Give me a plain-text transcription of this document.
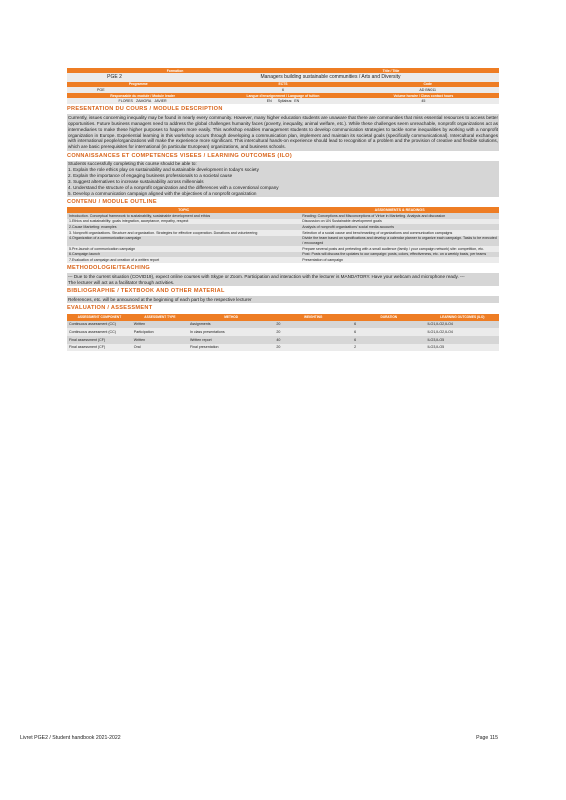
Formation	Title / Title
PGE 2	Managers building sustainable communities / Arts and Diversity
Programme	ECTS	Code
PGE	6	AD BN011
Responsable du module / Module leader	Langue d'enseignement / Language of tuition	Volume horaire / Class contact hours
FLORES ZAMORA JAVIER	EN Syllabus: EN	45
PRESENTATION DU COURS / MODULE DESCRIPTION
Currently, issues concerning inequality may be found in nearly every community. However, many higher education students are unaware that there are communities that miss essential resources to access better opportunities. Future business managers need to address the global challenges humanity faces (poverty, inequality, animal welfare, etc.). While these challenges seem unreachable, nonprofit organizations act as intermediaries to make these higher purposes to happen more easily. This workshop enables management students to develop communication strategies to tackle some inequalities by working with a nonprofit organization in Europe. Experiential learning in this workshop occurs through developing a communication plan, implement and maintain its societal goals (specifically communicational). Intercultural exchanges with international people/organizations will make the experience more significant. This intercultural hands-on experience should lead to recognition of a problem and the provision of creative and flexible solutions, which are basic prerequisites for international (in particular European) organizations, and business schools.
CONNAISSANCES ET COMPETENCES VISEES / LEARNING OUTCOMES (ILO)
Students successfully completing this course should be able to:
1. Explain the role ethics play on sustainability and sustainable development in today's society
2. Explain the importance of engaging business professionals to a societal cause
3. Suggest alternatives to increase sustainability across millennials
4. Understand the structure of a nonprofit organization and the differences with a conventional company
5. Develop a communication campaign aligned with the objectives of a nonprofit organization
CONTENU / MODULE OUTLINE
TOPIC	ASSIGNMENTS & READINGS
Introduction. Conceptual framework to sustainability, sustainable development and ethics	Reading: Conceptions and Misconceptions of Virtue in Marketing. Analysis and discussion
1.Ethics and sustainability: goals integration, acceptance, empathy, respect	Discussion on UN Sustainable development goals
2.Cause Marketing: examples	Analysis of nonprofit organizations' social media accounts
3. Nonprofit organizations. Structure and organization. Strategies for effective cooperation. Donations and volunteering	Selection of a social cause and benchmarking of organizations and communication campaigns
4.Organization of a communication campaign	Divide the team based on specifications and develop a calendar planner to organize each campaign. Tasks to be executed / encouraged
5.Pre-launch of communication campaign	Prepare several posts and pretesting with a small audience (family / your campaign network) site: competition, etc.
6.Campaign launch	Post: Posts will discuss the updates to our campaign: posts, colors, effectiveness, etc. on a weekly basis, per teams
7.Evaluation of campaign and creation of a written report	Presentation of campaign
METHODOLOGIE/TEACHING
--- Due to the current situation (COVID19), expect online courses with Skype or Zoom. Participation and interaction with the lecturer is MANDATORY. Have your webcam and microphone ready. ---
The lecturer will act as a facilitator through activities.
BIBLIOGRAPHIE / TEXTBOOK AND OTHER MATERIAL
References, etc. will be announced at the beginning of each part by the respective lecturer
EVALUATION / ASSESSMENT
ASSESSMENT COMPONENT	ASSESSMENT TYPE	METHOD	WEIGHTING	DURATION	LEARNING OUTCOMES (ILO)
Continuous assessment (CC)	Written	Assignments	20	6	ILO1,ILO2,ILO4
Continuous assessment (CC)	Participation	In class presentations	20	6	ILO1,ILO2,ILO4
Final assessment (CF)	Written	Written report	40	6	ILO3,ILO5
Final assessment (CF)	Oral	Final presentation	20	2	ILO3,ILO5
Livret PGE2 / Student handbook 2021-2022	Page 115
